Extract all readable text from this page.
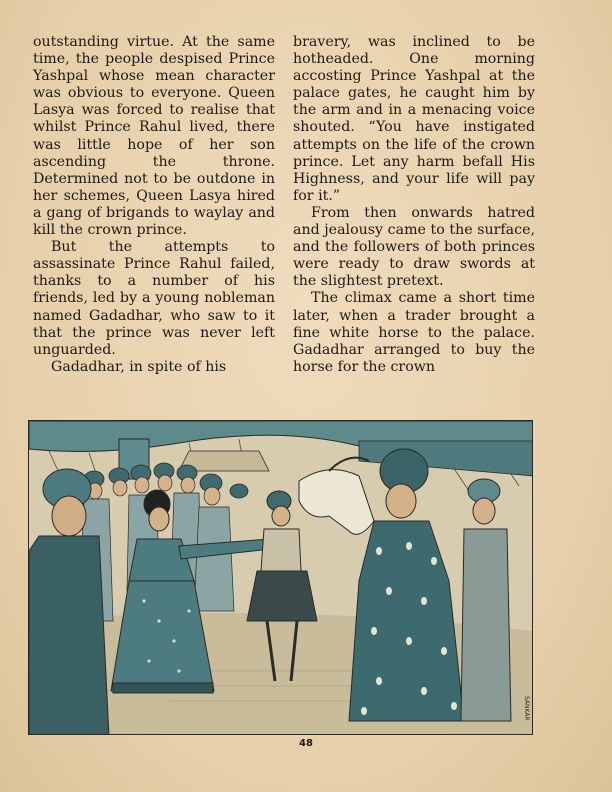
outstanding virtue. At the same time, the people despised Prince Yashpal whose mean character was obvious to everyone. Queen Lasya was forced to realise that whilst Prince Rahul lived, there was little hope of her son ascending the throne. Determined not to be outdone in her schemes, Queen Lasya hired a gang of brigands to waylay and kill the crown prince.

But the attempts to assassinate Prince Rahul failed, thanks to a number of his friends, led by a young nobleman named Gadadhar, who saw to it that the prince was never left unguarded.

Gadadhar, in spite of his

bravery, was inclined to be hotheaded. One morning accosting Prince Yashpal at the palace gates, he caught him by the arm and in a menacing voice shouted. “You have instigated attempts on the life of the crown prince. Let any harm befall His Highness, and your life will pay for it.”

From then onwards hatred and jealousy came to the surface, and the followers of both princes were ready to draw swords at the slightest pretext.

The climax came a short time later, when a trader brought a fine white horse to the palace. Gadadhar arranged to buy the horse for the crown

SANKAR
48
